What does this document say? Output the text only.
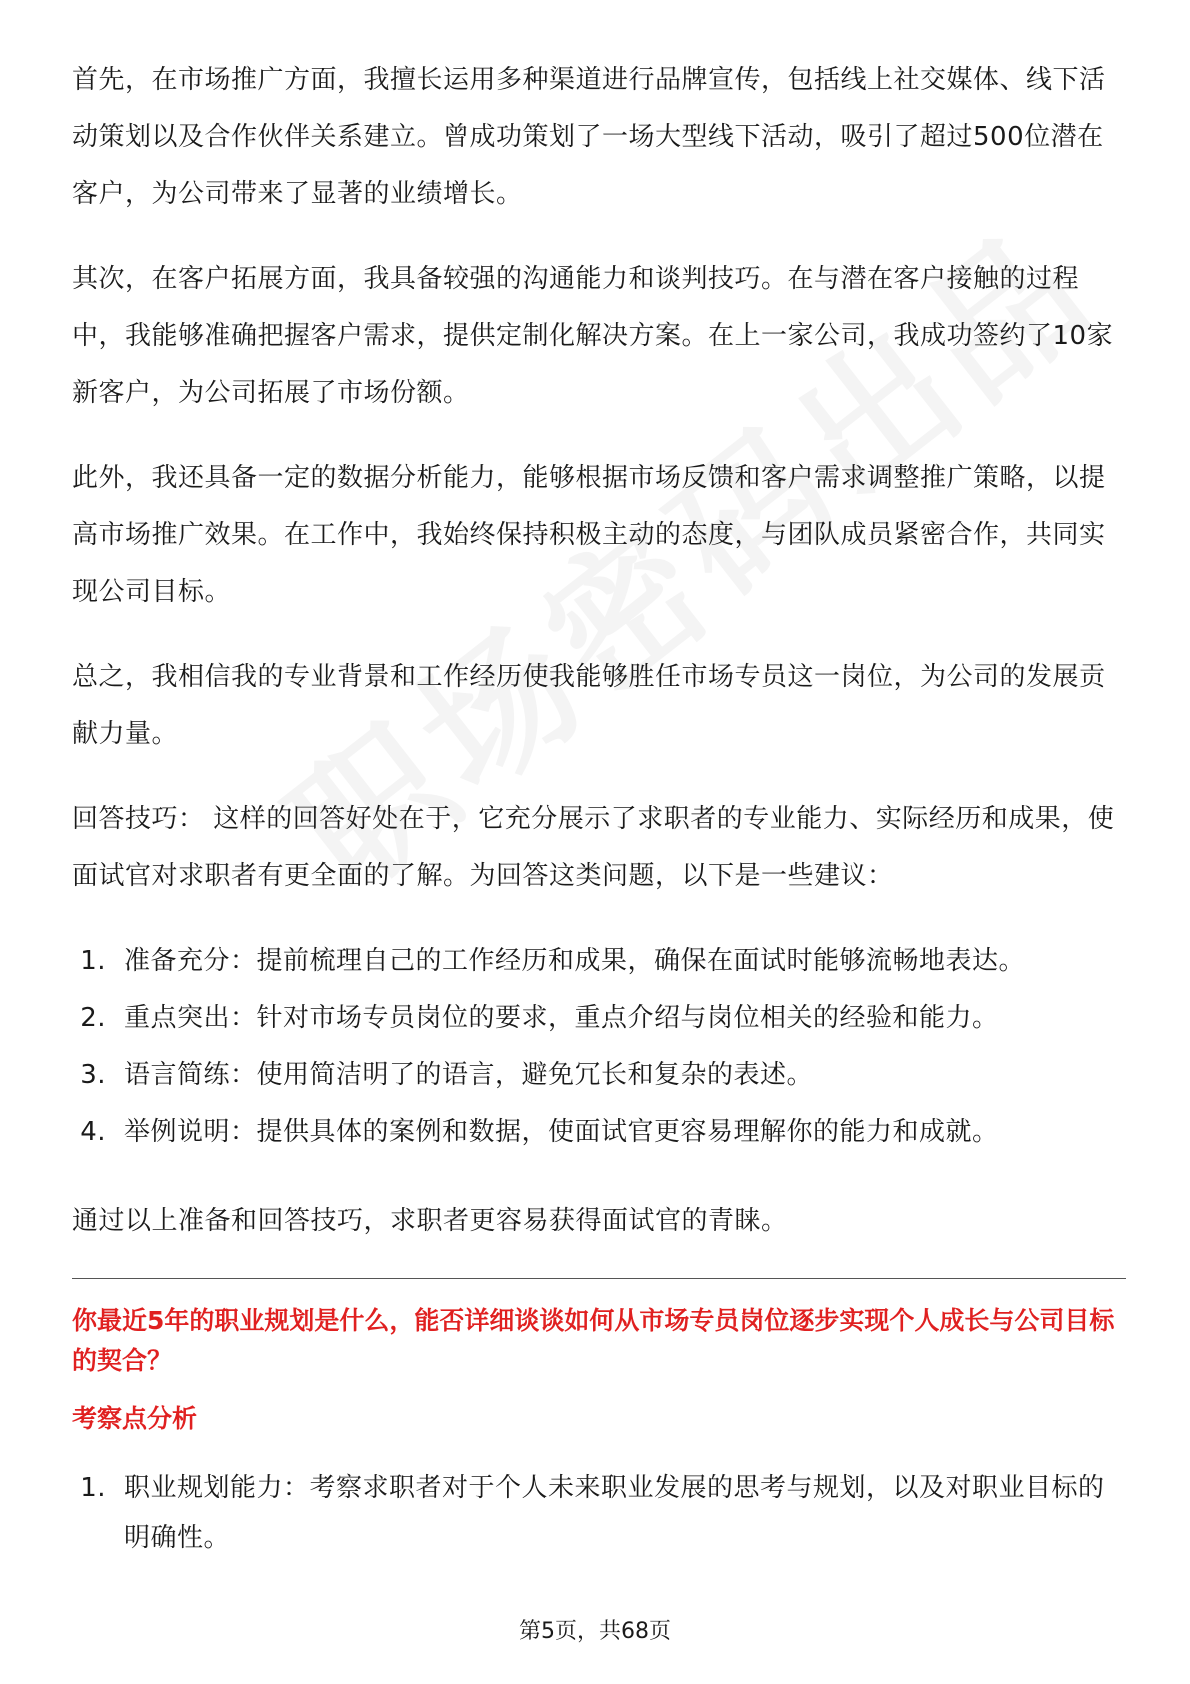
首先，在市场推广方面，我擅长运用多种渠道进行品牌宣传，包括线上社交媒体、线下活动策划以及合作伙伴关系建立。曾成功策划了一场大型线下活动，吸引了超过500位潜在客户，为公司带来了显著的业绩增长。

其次，在客户拓展方面，我具备较强的沟通能力和谈判技巧。在与潜在客户接触的过程中，我能够准确把握客户需求，提供定制化解决方案。在上一家公司，我成功签约了10家新客户，为公司拓展了市场份额。

此外，我还具备一定的数据分析能力，能够根据市场反馈和客户需求调整推广策略，以提高市场推广效果。在工作中，我始终保持积极主动的态度，与团队成员紧密合作，共同实现公司目标。

总之，我相信我的专业背景和工作经历使我能够胜任市场专员这一岗位，为公司的发展贡献力量。

回答技巧： 这样的回答好处在于，它充分展示了求职者的专业能力、实际经历和成果，使面试官对求职者有更全面的了解。为回答这类问题，以下是一些建议：

1. 准备充分：提前梳理自己的工作经历和成果，确保在面试时能够流畅地表达。
2. 重点突出：针对市场专员岗位的要求，重点介绍与岗位相关的经验和能力。
3. 语言简练：使用简洁明了的语言，避免冗长和复杂的表述。
4. 举例说明：提供具体的案例和数据，使面试官更容易理解你的能力和成就。

通过以上准备和回答技巧，求职者更容易获得面试官的青睐。

你最近5年的职业规划是什么，能否详细谈谈如何从市场专员岗位逐步实现个人成长与公司目标的契合？

考察点分析

1. 职业规划能力：考察求职者对于个人未来职业发展的思考与规划，以及对职业目标的明确性。
第5页，共68页
